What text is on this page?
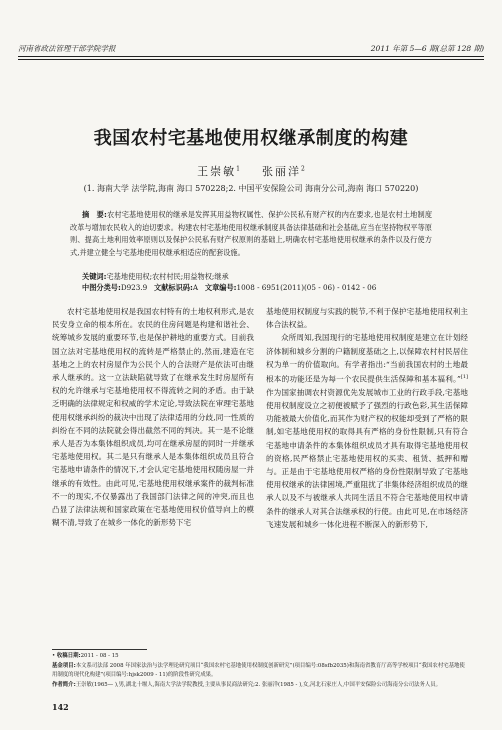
河南省政法管理干部学院学报	2011 年第 5—6 期(总第 128 期)
我国农村宅基地使用权继承制度的构建
王崇敏$^1$ 张丽洋$^2$
(1. 海南大学 法学院,海南 海口 570228;2. 中国平安保险公司 海南分公司,海南 海口 570220)

摘　要:农村宅基地使用权的继承是发挥其用益物权属性、保护公民私有财产权的内在要求,也是农村土地制度改革与增加农民收入的迫切要求。构建农村宅基地使用权继承制度具备法律基础和社会基础,应当在坚持物权平等原则、提高土地利用效率原则以及保护公民私有财产权原则的基础上,明确农村宅基地使用权继承的条件以及行使方式,并建立健全与宅基地使用权继承相适应的配套设施。

关键词:宅基地使用权;农村村民;用益物权;继承

中图分类号:D923.9 文献标识码:A 文章编号:1008 - 6951(2011)(05 - 06) - 0142 - 06

农村宅基地使用权是我国农村特有的土地权利形式,是农民安身立命的根本所在。农民的住房问题是构建和谐社会、统筹城乡发展的重要环节,也是保护耕地的重要方式。目前我国立法对宅基地使用权的流转是严格禁止的,然而,建造在宅基地之上的农村房屋作为公民个人的合法财产是依法可由继承人继承的。这一立法缺陷就导致了在继承发生时房屋所有权的允许继承与宅基地使用权不得流转之间的矛盾。由于缺乏明确的法律规定和权威的学术定论,导致法院在审理宅基地使用权继承纠纷的裁决中出现了法律适用的分歧,同一性质的纠纷在不同的法院就会得出截然不同的判决。其一是不论继承人是否为本集体组织成员,均可在继承房屋的同时一并继承宅基地使用权。其二是只有继承人是本集体组织成员且符合宅基地申请条件的情况下,才会认定宅基地使用权随房屋一并继承的有效性。由此可见,宅基地使用权继承案件的裁判标准不一的现实,不仅暴露出了我国部门法律之间的冲突,而且也凸显了法律法规和国家政策在宅基地使用权价值导向上的模糊不清,导致了在城乡一体化的新形势下宅

基地使用权制度与实践的脱节,不利于保护宅基地使用权利主体合法权益。

众所周知,我国现行的宅基地使用权制度是建立在计划经济体制和城乡分割的户籍制度基础之上,以保障农村村民居住权为单一的价值取向。有学者指出:“当前我国农村的土地最根本的功能还是为每一个农民提供生活保障和基本福利。”[1]作为国家抽调农村资源优先发展城市工业的行政手段,宅基地使用权制度设立之初便被赋予了强烈的行政色彩,其生活保障功能被最大价值化,而其作为财产权的权能却受到了严格的限制,如宅基地使用权的取得具有严格的身份性限制,只有符合宅基地申请条件的本集体组织成员才具有取得宅基地使用权的资格,民严格禁止宅基地使用权的买卖、租赁、抵押和赠与。正是由于宅基地使用权严格的身份性限制导致了宅基地使用权继承的法律困境,严重阻扰了非集体经济组织成员的继承人以及不与被继承人共同生活且不符合宅基地使用权申请条件的继承人对其合法继承权的行使。由此可见,在市场经济飞速发展和城乡一体化进程不断深入的新形势下,

• 收稿日期:2011 - 08 - 15
基金项目:本文系司法部 2008 年国家法治与法学理论研究项目“我国农村宅基地使用权制度创新研究”(项目编号:08sfb2035)和海南省教育厅高等学校项目“我国农村宅基地使用制度的现代化构建”(项目编号:hjsk2009 - 11)的阶段性研究成果。
作者简介:王崇敏(1965— ),男,湖北十堰人,海南大学法学院教授,主要从事民商法研究;2. 张丽洋(1985 - ),女,河北石家庄人,中国平安保险公司海南分公司法务人员。
142
